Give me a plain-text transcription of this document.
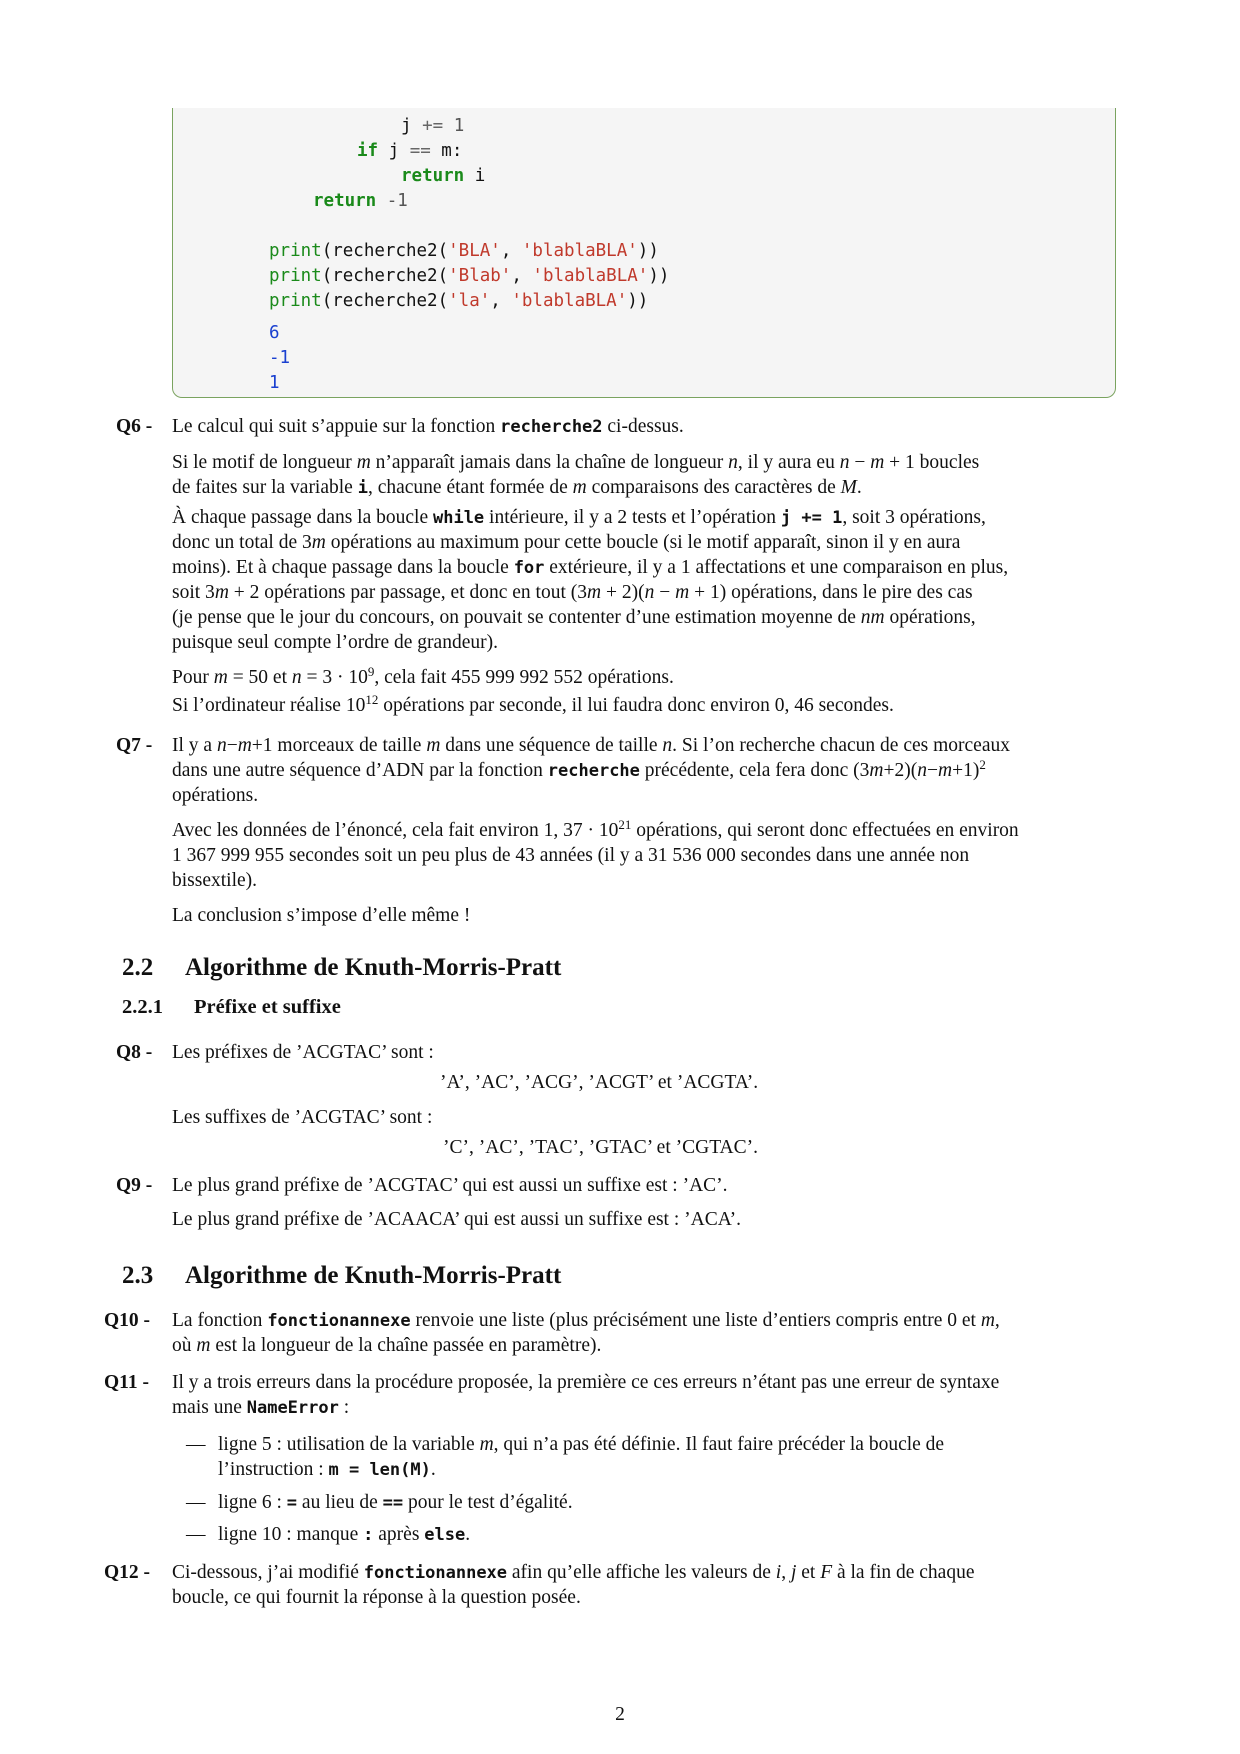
j += 1
if j == m:
return i
return -1
print(recherche2('BLA', 'blablaBLA'))
print(recherche2('Blab', 'blablaBLA'))
print(recherche2('la', 'blablaBLA'))
6
-1
1
Q6 - Le calcul qui suit s’appuie sur la fonction recherche2 ci-dessus.
Si le motif de longueur m n’apparaît jamais dans la chaîne de longueur n, il y aura eu n − m + 1 boucles
de faites sur la variable i, chacune étant formée de m comparaisons des caractères de M.
À chaque passage dans la boucle while intérieure, il y a 2 tests et l’opération j += 1, soit 3 opérations,
donc un total de 3m opérations au maximum pour cette boucle (si le motif apparaît, sinon il y en aura
moins). Et à chaque passage dans la boucle for extérieure, il y a 1 affectations et une comparaison en plus,
soit 3m + 2 opérations par passage, et donc en tout (3m + 2)(n − m + 1) opérations, dans le pire des cas
(je pense que le jour du concours, on pouvait se contenter d’une estimation moyenne de nm opérations,
puisque seul compte l’ordre de grandeur).
Pour m = 50 et $n = 3 \cdot 10^9$, cela fait 455 999 992 552 opérations.
Si l’ordinateur réalise $10^{12}$ opérations par seconde, il lui faudra donc environ 0, 46 secondes.
Q7 - Il y a n−m+1 morceaux de taille m dans une séquence de taille n. Si l’on recherche chacun de ces morceaux
dans une autre séquence d’ADN par la fonction recherche précédente, cela fera donc $(3m+2)(n-m+1)^2$
opérations.
Avec les données de l’énoncé, cela fait environ 1, $37 \cdot 10^{21}$ opérations, qui seront donc effectuées en environ
1 367 999 955 secondes soit un peu plus de 43 années (il y a 31 536 000 secondes dans une année non
bissextile).
La conclusion s’impose d’elle même !
2.2 Algorithme de Knuth-Morris-Pratt
2.2.1 Préfixe et suffixe
Q8 - Les préfixes de ’ACGTAC’ sont :
’A’, ’AC’, ’ACG’, ’ACGT’ et ’ACGTA’.
Les suffixes de ’ACGTAC’ sont :
’C’, ’AC’, ’TAC’, ’GTAC’ et ’CGTAC’.
Q9 - Le plus grand préfixe de ’ACGTAC’ qui est aussi un suffixe est : ’AC’.
Le plus grand préfixe de ’ACAACA’ qui est aussi un suffixe est : ’ACA’.
2.3 Algorithme de Knuth-Morris-Pratt
Q10 - La fonction fonctionannexe renvoie une liste (plus précisément une liste d’entiers compris entre 0 et m,
où m est la longueur de la chaîne passée en paramètre).
Q11 - Il y a trois erreurs dans la procédure proposée, la première ce ces erreurs n’étant pas une erreur de syntaxe
mais une NameError :
— ligne 5 : utilisation de la variable m, qui n’a pas été définie. Il faut faire précéder la boucle de
l’instruction : m = len(M).
— ligne 6 : = au lieu de == pour le test d’égalité.
— ligne 10 : manque : après else.
Q12 - Ci-dessous, j’ai modifié fonctionannexe afin qu’elle affiche les valeurs de i, j et F à la fin de chaque
boucle, ce qui fournit la réponse à la question posée.
2
